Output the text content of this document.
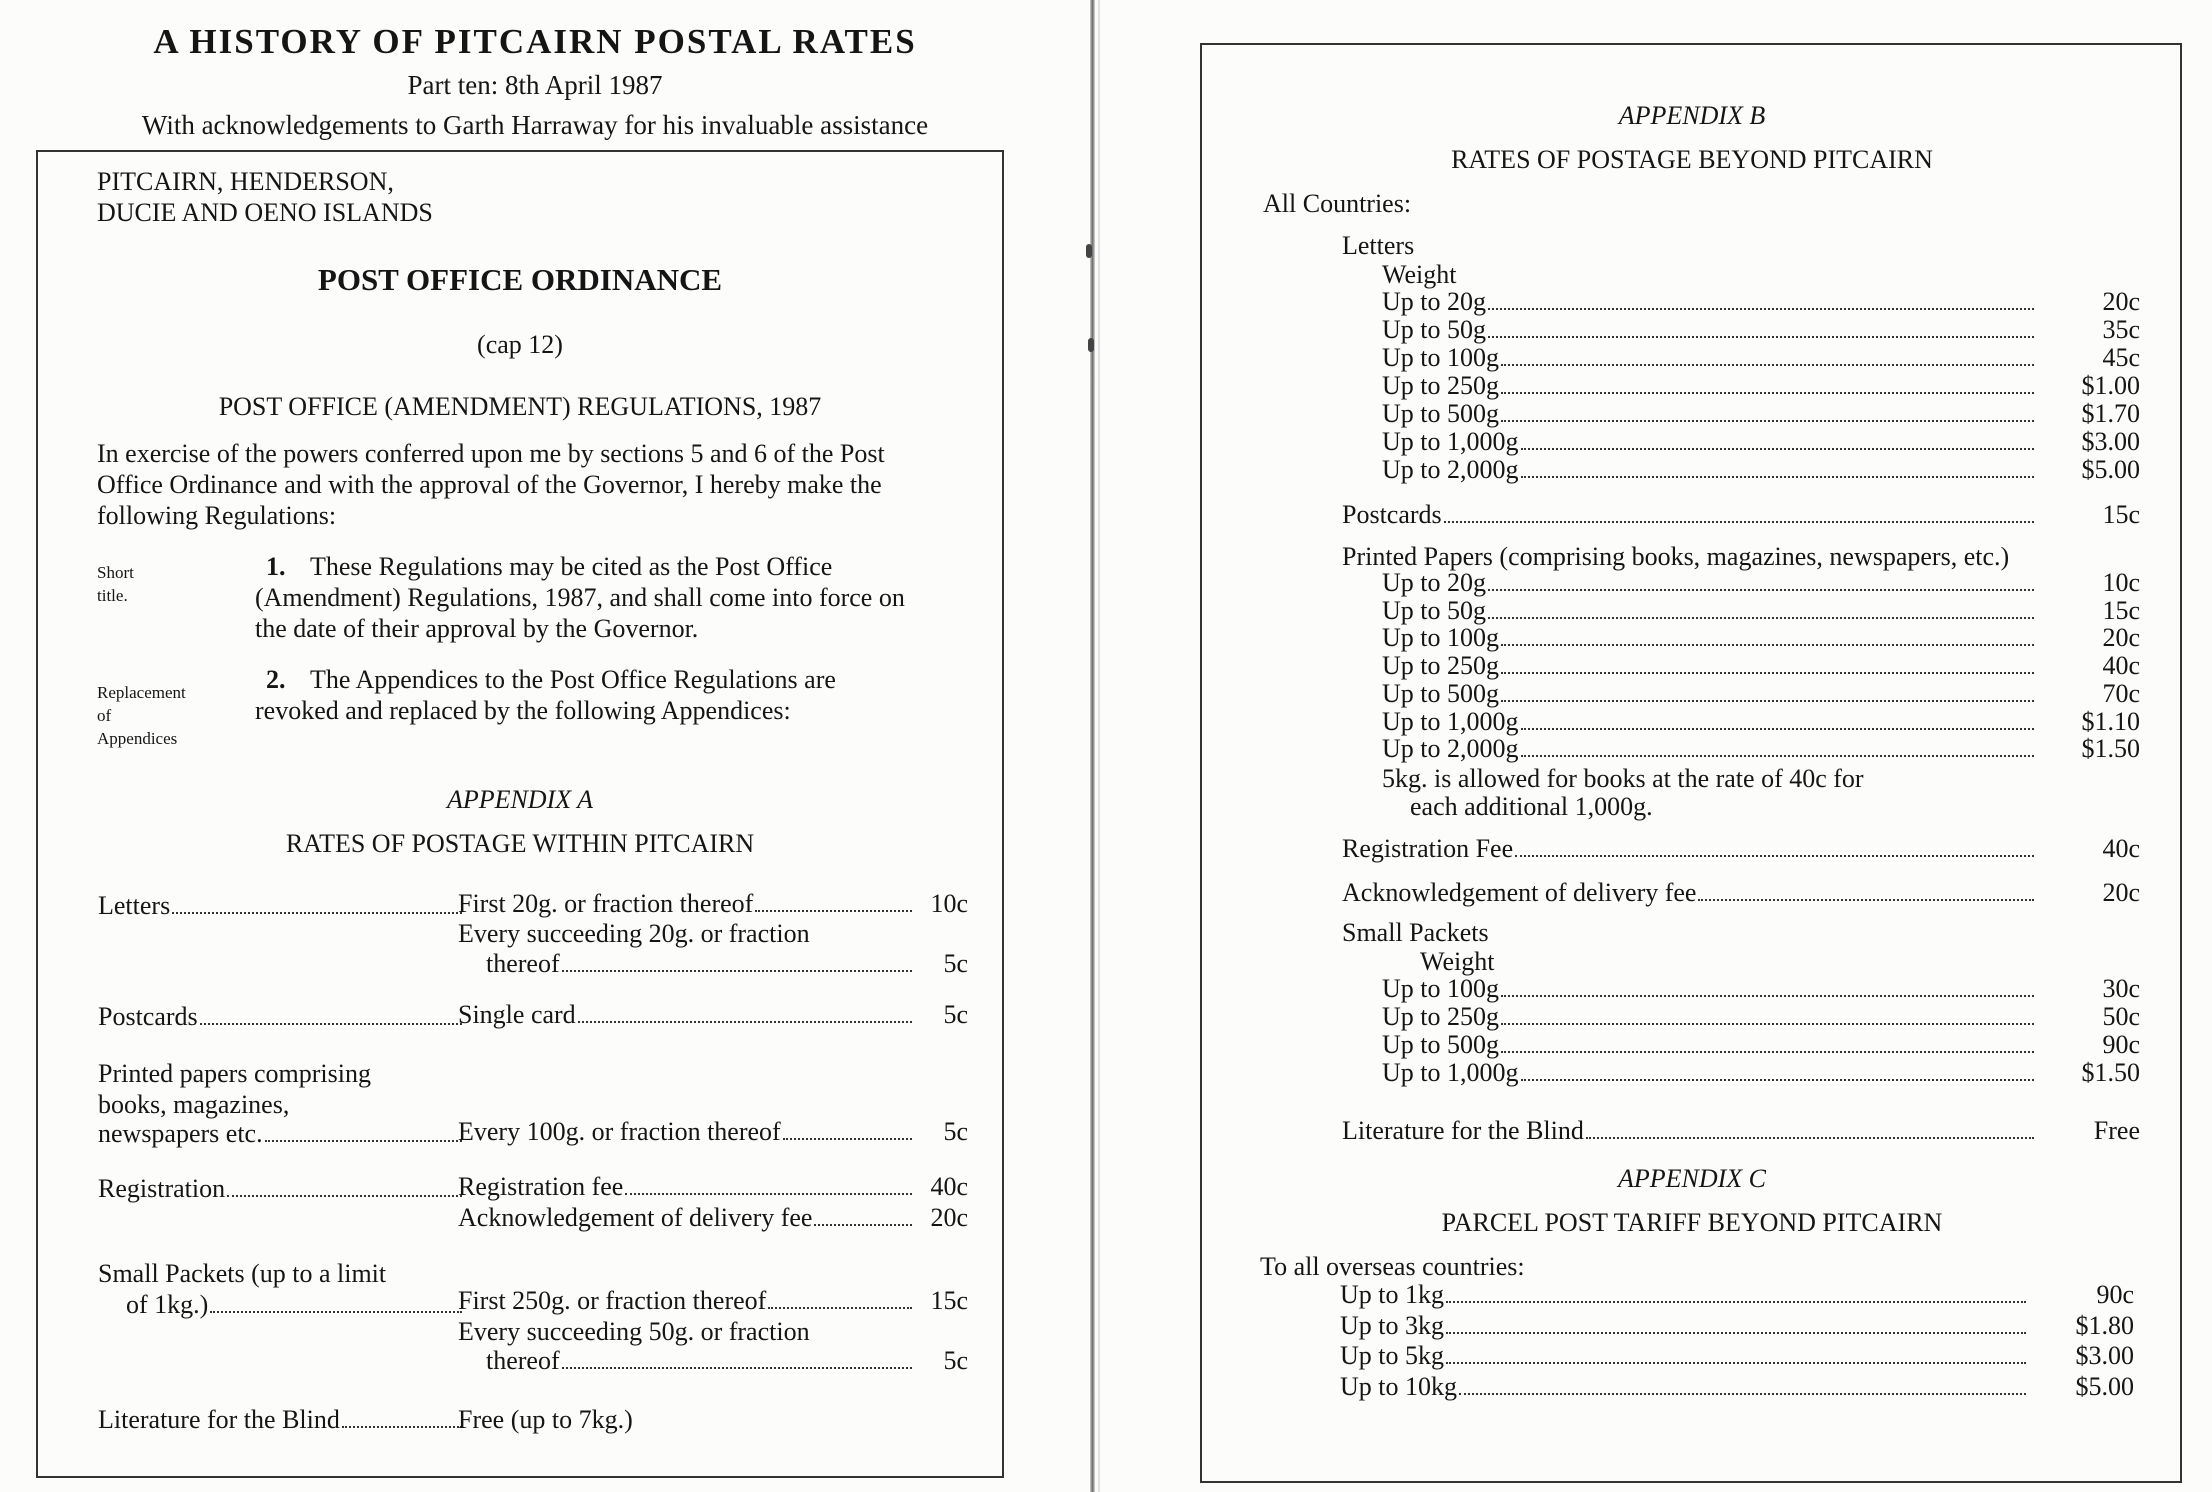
A HISTORY OF PITCAIRN POSTAL RATES
Part ten: 8th April 1987
With acknowledgements to Garth Harraway for his invaluable assistance
PITCAIRN, HENDERSON,
DUCIE AND OENO ISLANDS
POST OFFICE ORDINANCE
(cap 12)
POST OFFICE (AMENDMENT) REGULATIONS, 1987
In exercise of the powers conferred upon me by sections 5 and 6 of the Post
Office Ordinance and with the approval of the Governor, I hereby make the
following Regulations:
Short
title.
1. These Regulations may be cited as the Post Office
(Amendment) Regulations, 1987, and shall come into force on
the date of their approval by the Governor.
Replacement
of
Appendices
2. The Appendices to the Post Office Regulations are
revoked and replaced by the following Appendices:
APPENDIX A
RATES OF POSTAGE WITHIN PITCAIRN
Letters	First 20g. or fraction thereof	10c
Every succeeding 20g. or fraction
thereof	5c
Postcards	Single card	5c
Printed papers comprising
books, magazines,
newspapers etc.	Every 100g. or fraction thereof	5c
Registration	Registration fee	40c
Acknowledgement of delivery fee	20c
Small Packets (up to a limit
of 1kg.)	First 250g. or fraction thereof	15c
Every succeeding 50g. or fraction
thereof	5c
Literature for the Blind	Free (up to 7kg.)
APPENDIX B
RATES OF POSTAGE BEYOND PITCAIRN
All Countries:
Letters
Weight
Up to 20g	20c
Up to 50g	35c
Up to 100g	45c
Up to 250g	$1.00
Up to 500g	$1.70
Up to 1,000g	$3.00
Up to 2,000g	$5.00
Postcards	15c
Printed Papers (comprising books, magazines, newspapers, etc.)
Up to 20g	10c
Up to 50g	15c
Up to 100g	20c
Up to 250g	40c
Up to 500g	70c
Up to 1,000g	$1.10
Up to 2,000g	$1.50
5kg. is allowed for books at the rate of 40c for
each additional 1,000g.
Registration Fee	40c
Acknowledgement of delivery fee	20c
Small Packets
Weight
Up to 100g	30c
Up to 250g	50c
Up to 500g	90c
Up to 1,000g	$1.50
Literature for the Blind	Free
APPENDIX C
PARCEL POST TARIFF BEYOND PITCAIRN
To all overseas countries:
Up to 1kg	90c
Up to 3kg	$1.80
Up to 5kg	$3.00
Up to 10kg	$5.00
